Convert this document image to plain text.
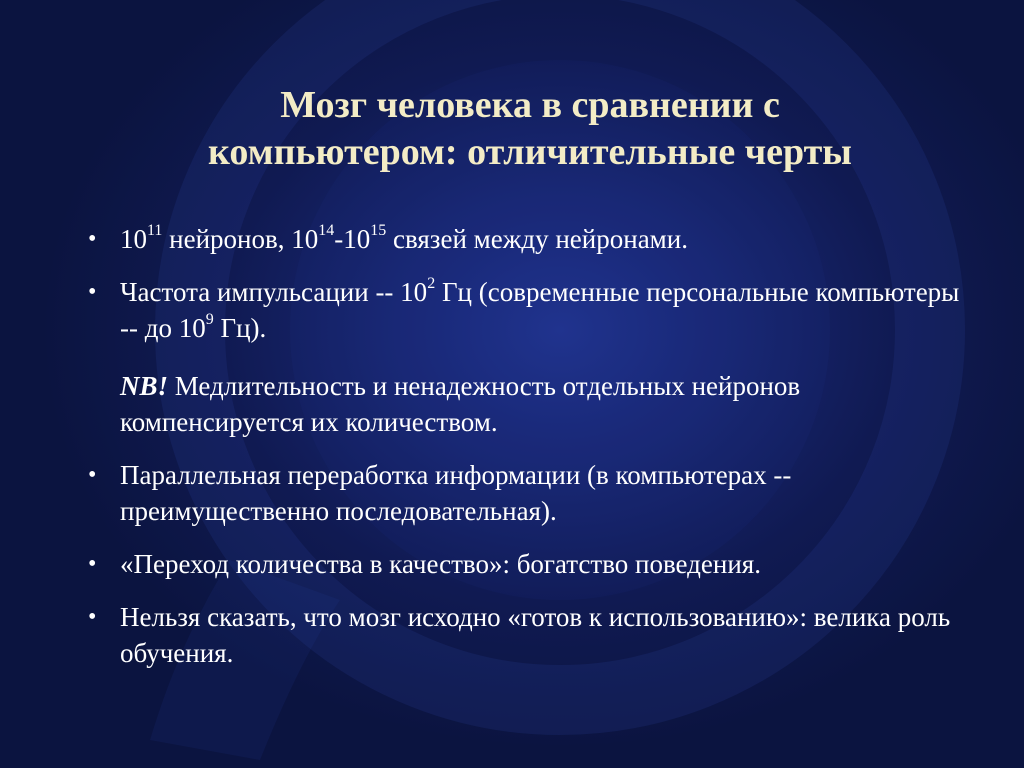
Мозг человека в сравнении с компьютером: отличительные черты
• $10^{11}$ нейронов, $10^{14}-10^{15}$ связей между нейронами.
• Частота импульсации -- $10^2$ Гц (современные персональные компьютеры -- до $10^9$ Гц).
NB! Медлительность и ненадежность отдельных нейронов компенсируется их количеством.
• Параллельная переработка информации (в компьютерах -- преимущественно последовательная).
• «Переход количества в качество»: богатство поведения.
• Нельзя сказать, что мозг исходно «готов к использованию»: велика роль обучения.
